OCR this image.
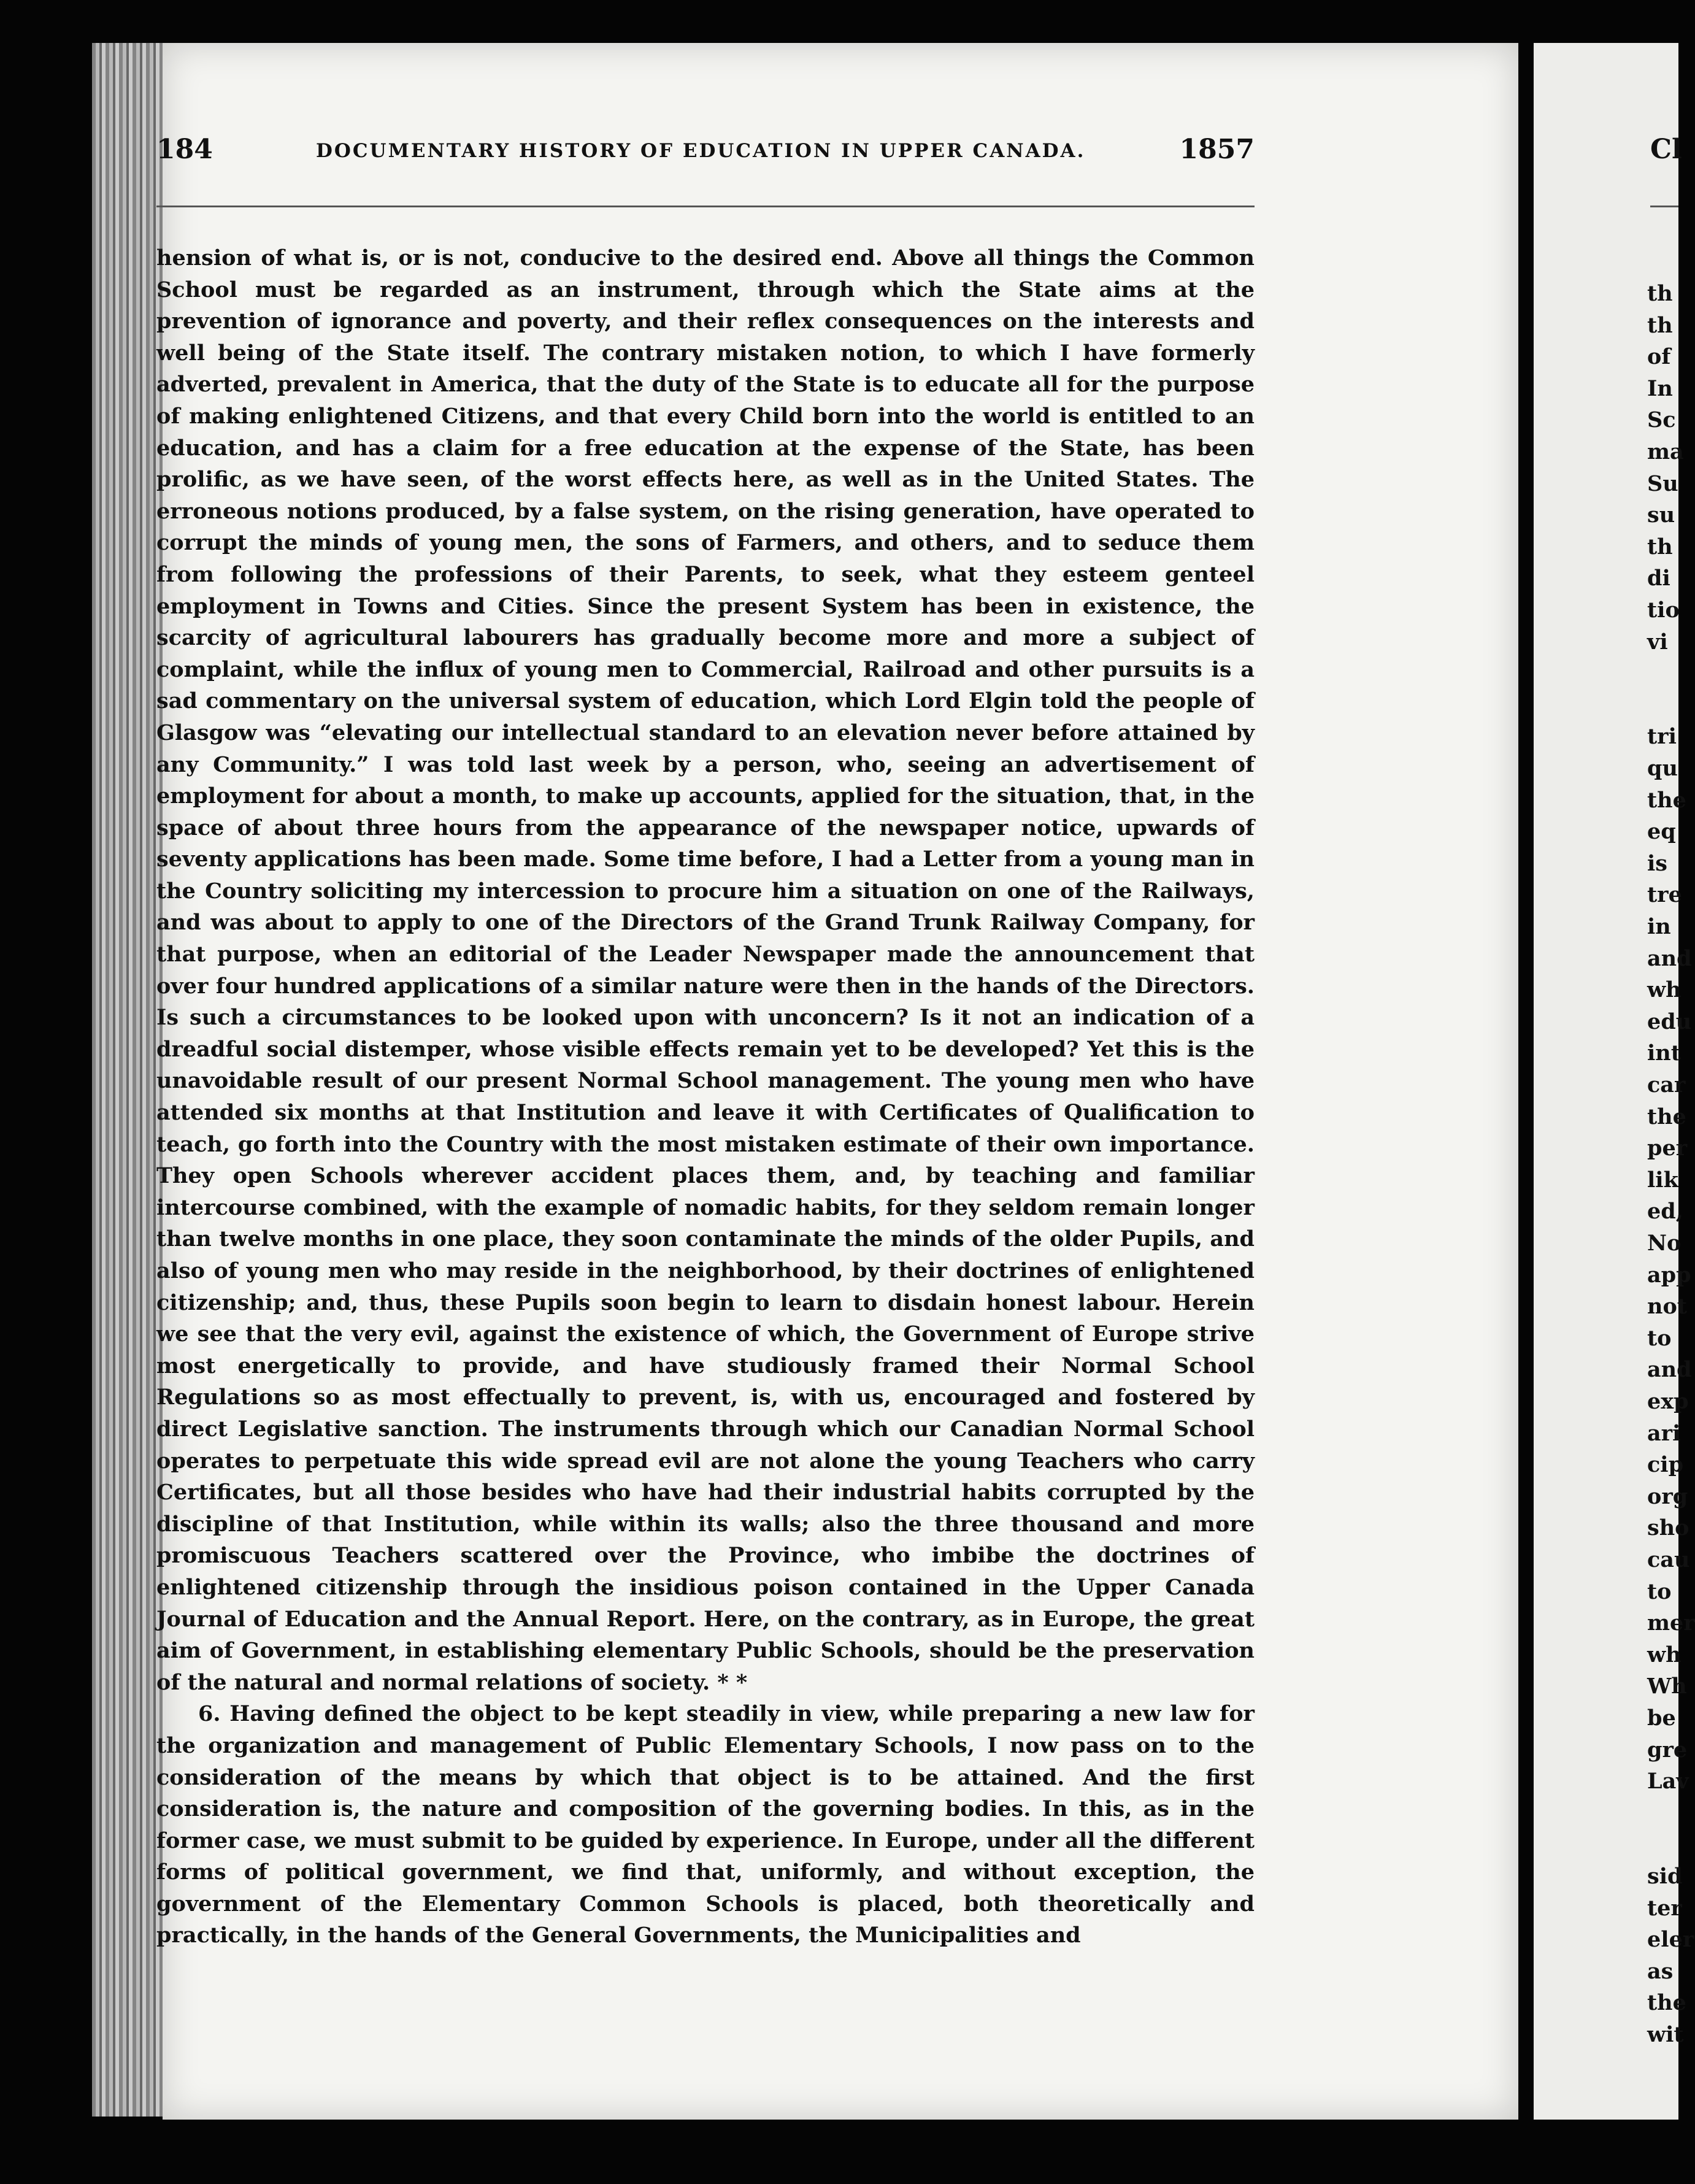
184	DOCUMENTARY HISTORY OF EDUCATION IN UPPER CANADA.	1857

hension of what is, or is not, conducive to the desired end. Above all things the Common School must be regarded as an instrument, through which the State aims at the prevention of ignorance and poverty, and their reflex consequences on the interests and well being of the State itself. The contrary mistaken notion, to which I have formerly adverted, prevalent in America, that the duty of the State is to educate all for the purpose of making enlightened Citizens, and that every Child born into the world is entitled to an education, and has a claim for a free education at the expense of the State, has been prolific, as we have seen, of the worst effects here, as well as in the United States. The erroneous notions produced, by a false system, on the rising generation, have operated to corrupt the minds of young men, the sons of Farmers, and others, and to seduce them from following the professions of their Parents, to seek, what they esteem genteel employment in Towns and Cities. Since the present System has been in existence, the scarcity of agricultural labourers has gradually become more and more a subject of complaint, while the influx of young men to Commercial, Railroad and other pursuits is a sad commentary on the universal system of education, which Lord Elgin told the people of Glasgow was “elevating our intellectual standard to an elevation never before attained by any Community.” I was told last week by a person, who, seeing an advertisement of employment for about a month, to make up accounts, applied for the situation, that, in the space of about three hours from the appearance of the newspaper notice, upwards of seventy applications has been made. Some time before, I had a Letter from a young man in the Country soliciting my intercession to procure him a situation on one of the Railways, and was about to apply to one of the Directors of the Grand Trunk Railway Company, for that purpose, when an editorial of the Leader Newspaper made the announcement that over four hundred applications of a similar nature were then in the hands of the Directors. Is such a circumstances to be looked upon with unconcern? Is it not an indication of a dreadful social distemper, whose visible effects remain yet to be developed? Yet this is the unavoidable result of our present Normal School management. The young men who have attended six months at that Institution and leave it with Certificates of Qualification to teach, go forth into the Country with the most mistaken estimate of their own importance. They open Schools wherever accident places them, and, by teaching and familiar intercourse combined, with the example of nomadic habits, for they seldom remain longer than twelve months in one place, they soon contaminate the minds of the older Pupils, and also of young men who may reside in the neighborhood, by their doctrines of enlightened citizenship; and, thus, these Pupils soon begin to learn to disdain honest labour. Herein we see that the very evil, against the existence of which, the Government of Europe strive most energetically to provide, and have studiously framed their Normal School Regulations so as most effectually to prevent, is, with us, encouraged and fostered by direct Legislative sanction. The instruments through which our Canadian Normal School operates to perpetuate this wide spread evil are not alone the young Teachers who carry Certificates, but all those besides who have had their industrial habits corrupted by the discipline of that Institution, while within its walls; also the three thousand and more promiscuous Teachers scattered over the Province, who imbibe the doctrines of enlightened citizenship through the insidious poison contained in the Upper Canada Journal of Education and the Annual Report. Here, on the contrary, as in Europe, the great aim of Government, in establishing elementary Public Schools, should be the preservation of the natural and normal relations of society. * *

6. Having defined the object to be kept steadily in view, while preparing a new law for the organization and management of Public Elementary Schools, I now pass on to the consideration of the means by which that object is to be attained. And the first consideration is, the nature and composition of the governing bodies. In this, as in the former case, we must submit to be guided by experience. In Europe, under all the different forms of political government, we find that, uniformly, and without exception, the government of the Elementary Common Schools is placed, both theoretically and practically, in the hands of the General Governments, the Municipalities and

Cl
th
th
of
In
Sc
ma
Su
su
th
di
tio
vi
tri
qu
the
eq
is
tre
in
and
wh
edu
int
car
the
per
lik
ed,
No
app
not
to
and
exp
ari
cip
org
sho
cau
to
mer
wh
Wh
be
gre
Lav
sid
ter
eler
as
the
wit
